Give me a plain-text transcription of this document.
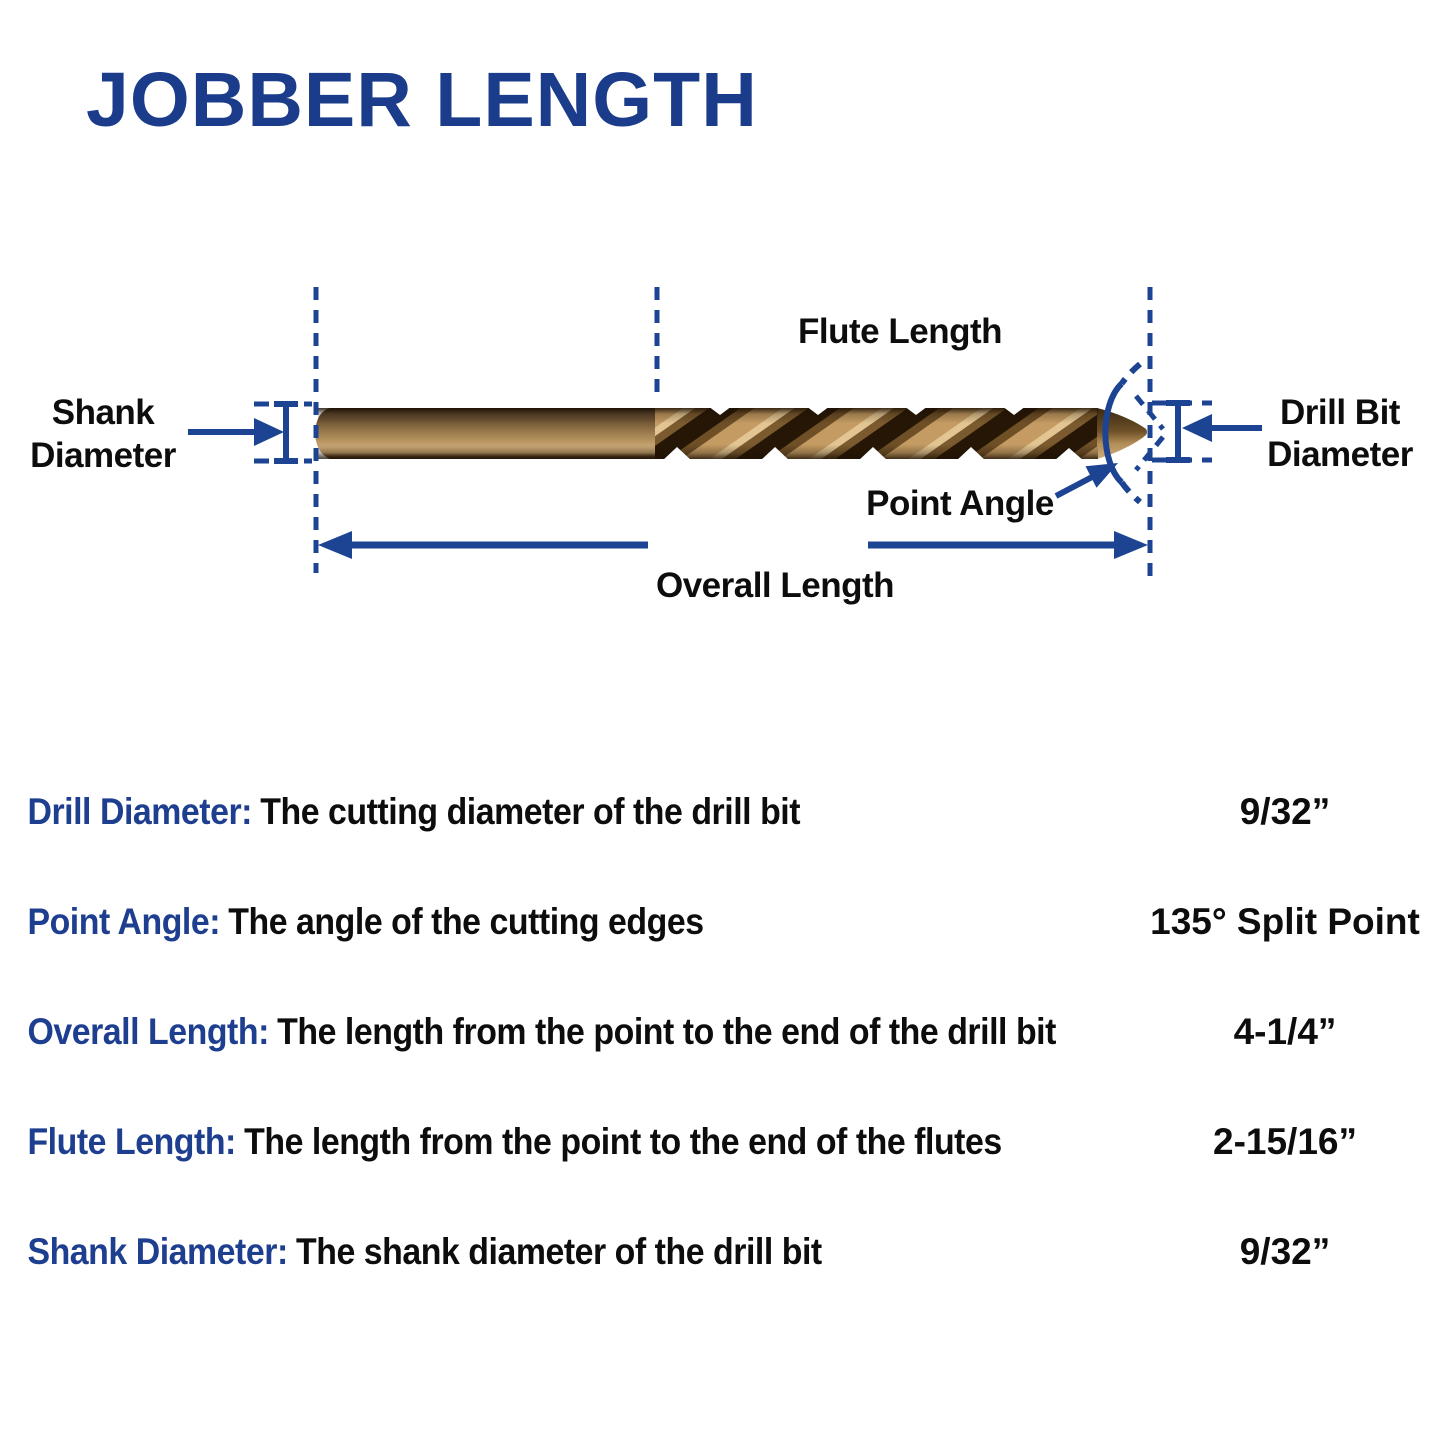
JOBBER LENGTH
Shank
Diameter
Flute Length
Drill Bit
Diameter
Point Angle
Overall Length
Drill Diameter: The cutting diameter of the drill bit	9/32”
Point Angle: The angle of the cutting edges	135° Split Point
Overall Length: The length from the point to the end of the drill bit	4-1/4”
Flute Length: The length from the point to the end of the flutes	2-15/16”
Shank Diameter: The shank diameter of the drill bit	9/32”
